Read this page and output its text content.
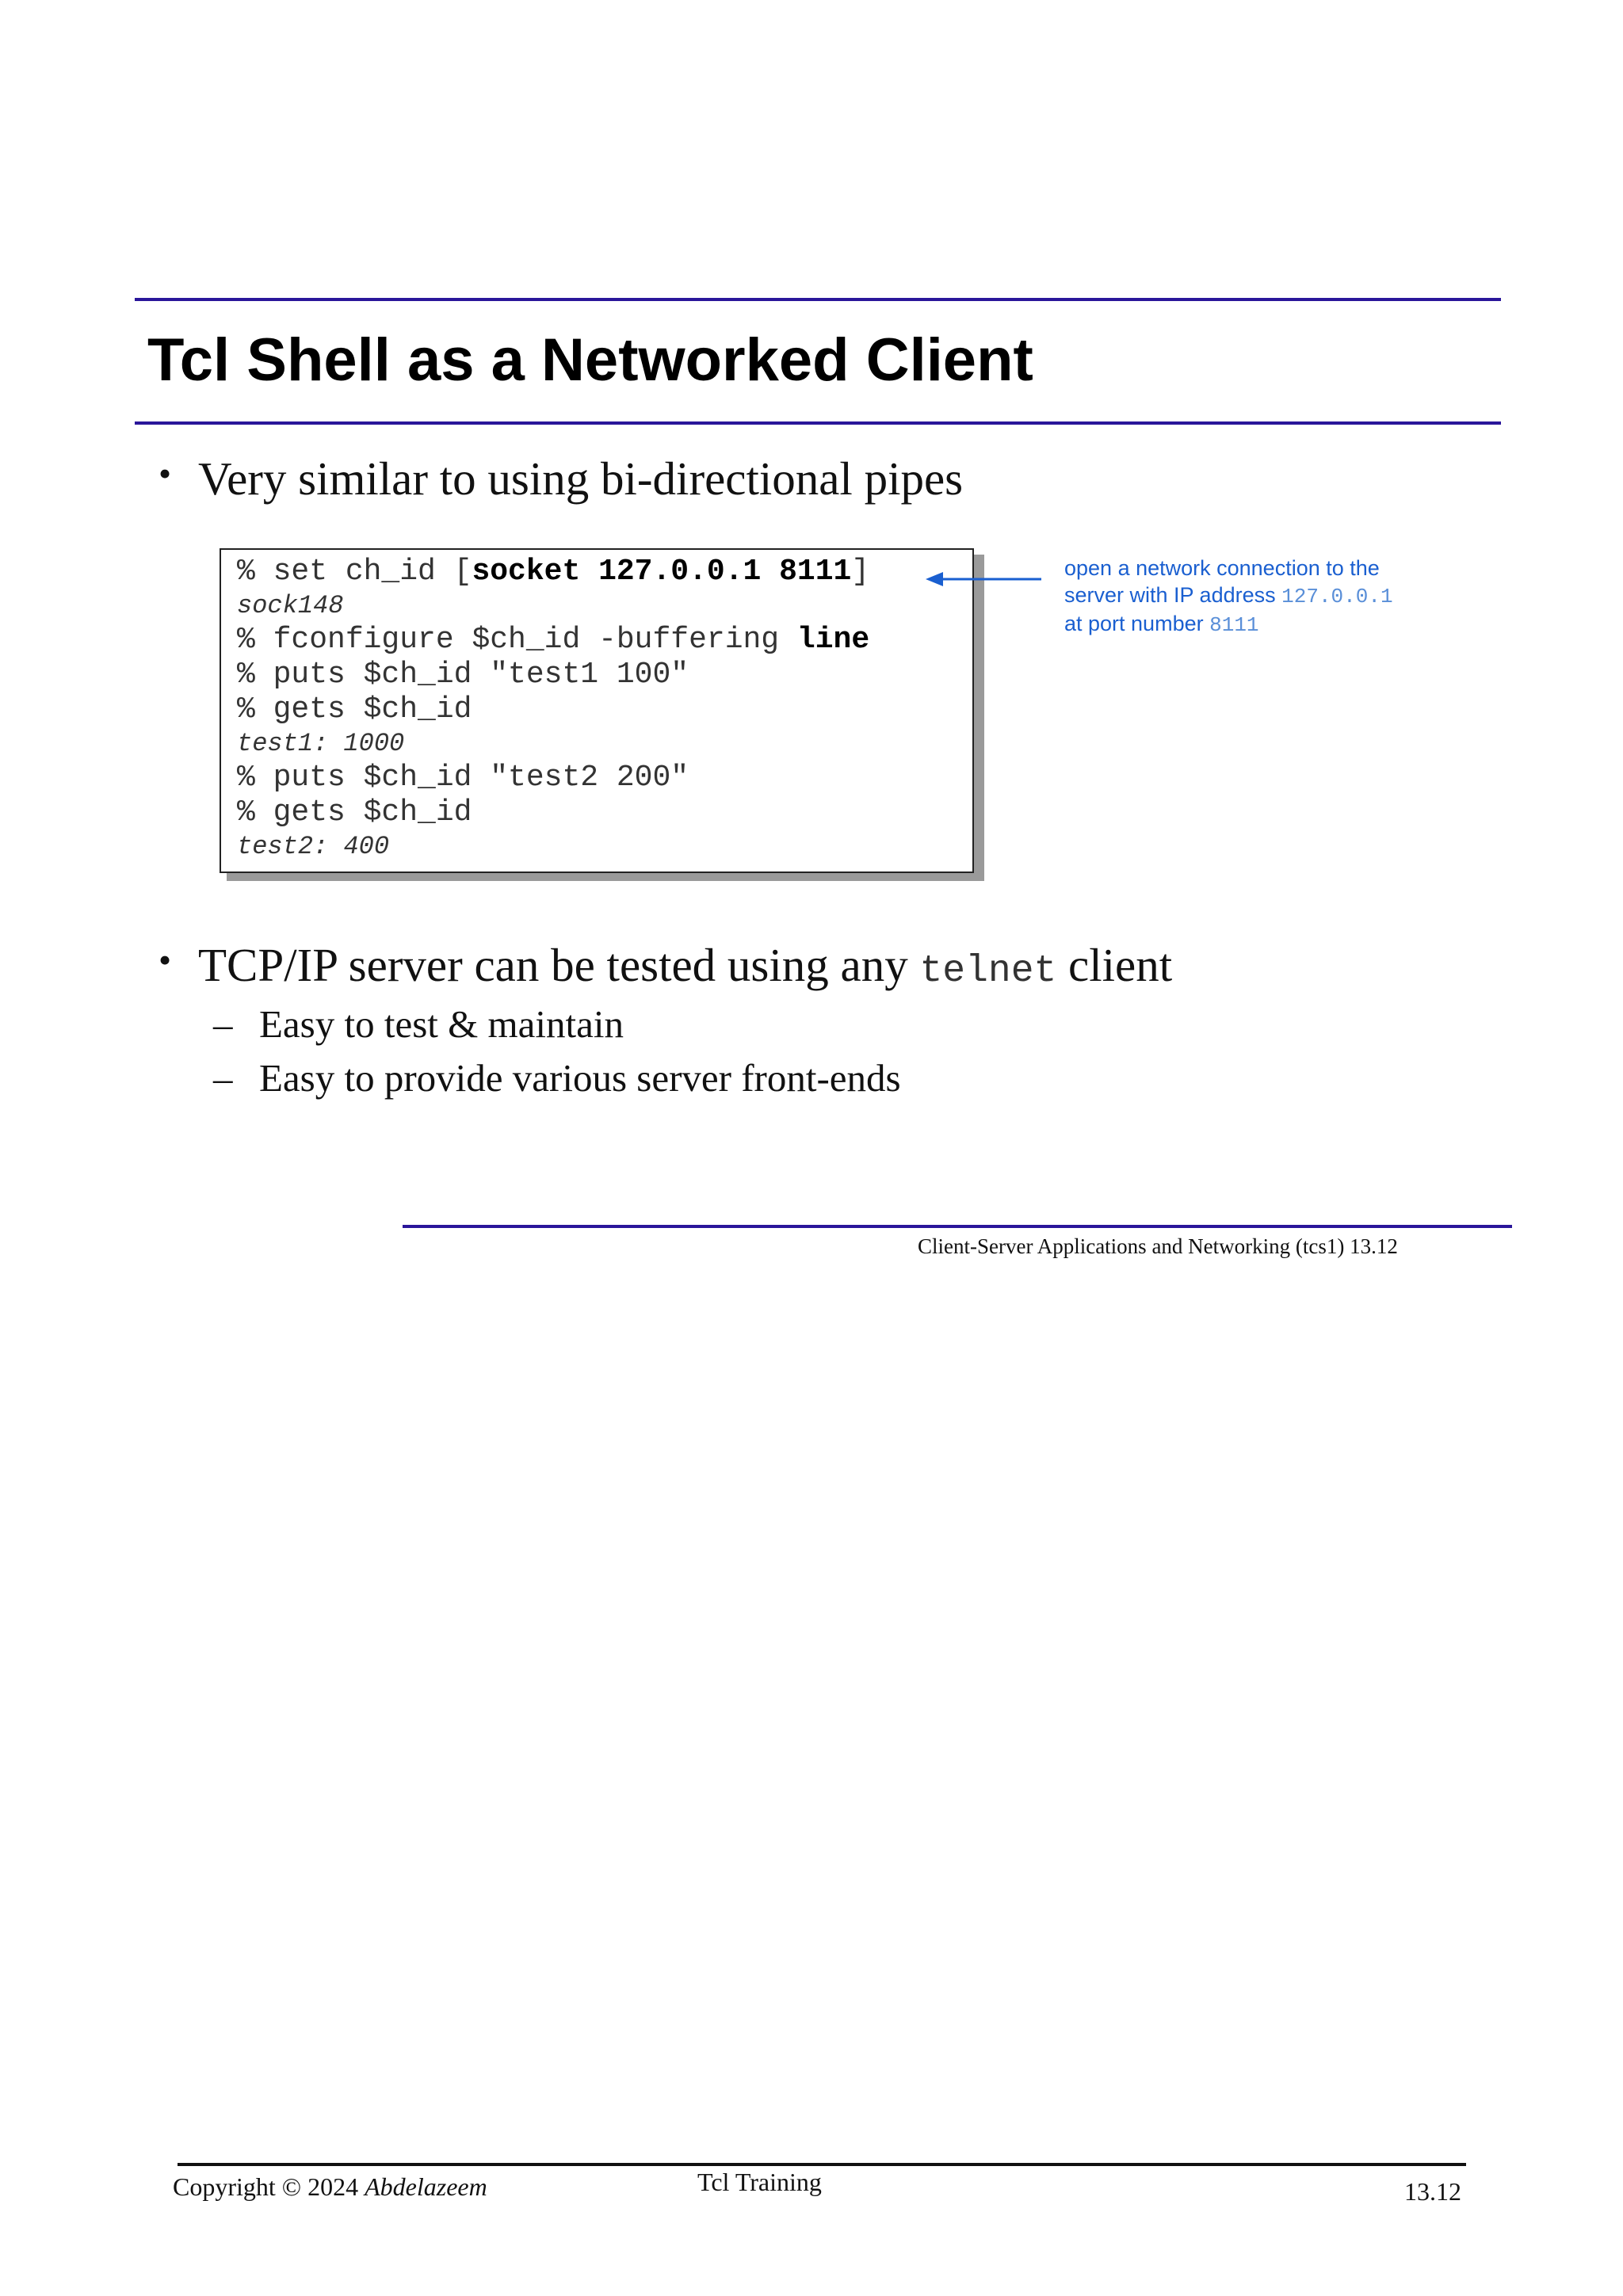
Tcl Shell as a Networked Client
• Very similar to using bi-directional pipes
% set ch_id [socket 127.0.0.1 8111]
sock148
% fconfigure $ch_id -buffering line
% puts $ch_id "test1 100"
% gets $ch_id
test1: 1000
% puts $ch_id "test2 200"
% gets $ch_id
test2: 400
open a network connection to the
server with IP address 127.0.0.1
at port number 8111
• TCP/IP server can be tested using any telnet client
– Easy to test & maintain
– Easy to provide various server front-ends
Client-Server Applications and Networking (tcs1) 13.12
Copyright © 2024 Abdelazeem	Tcl Training	13.12
